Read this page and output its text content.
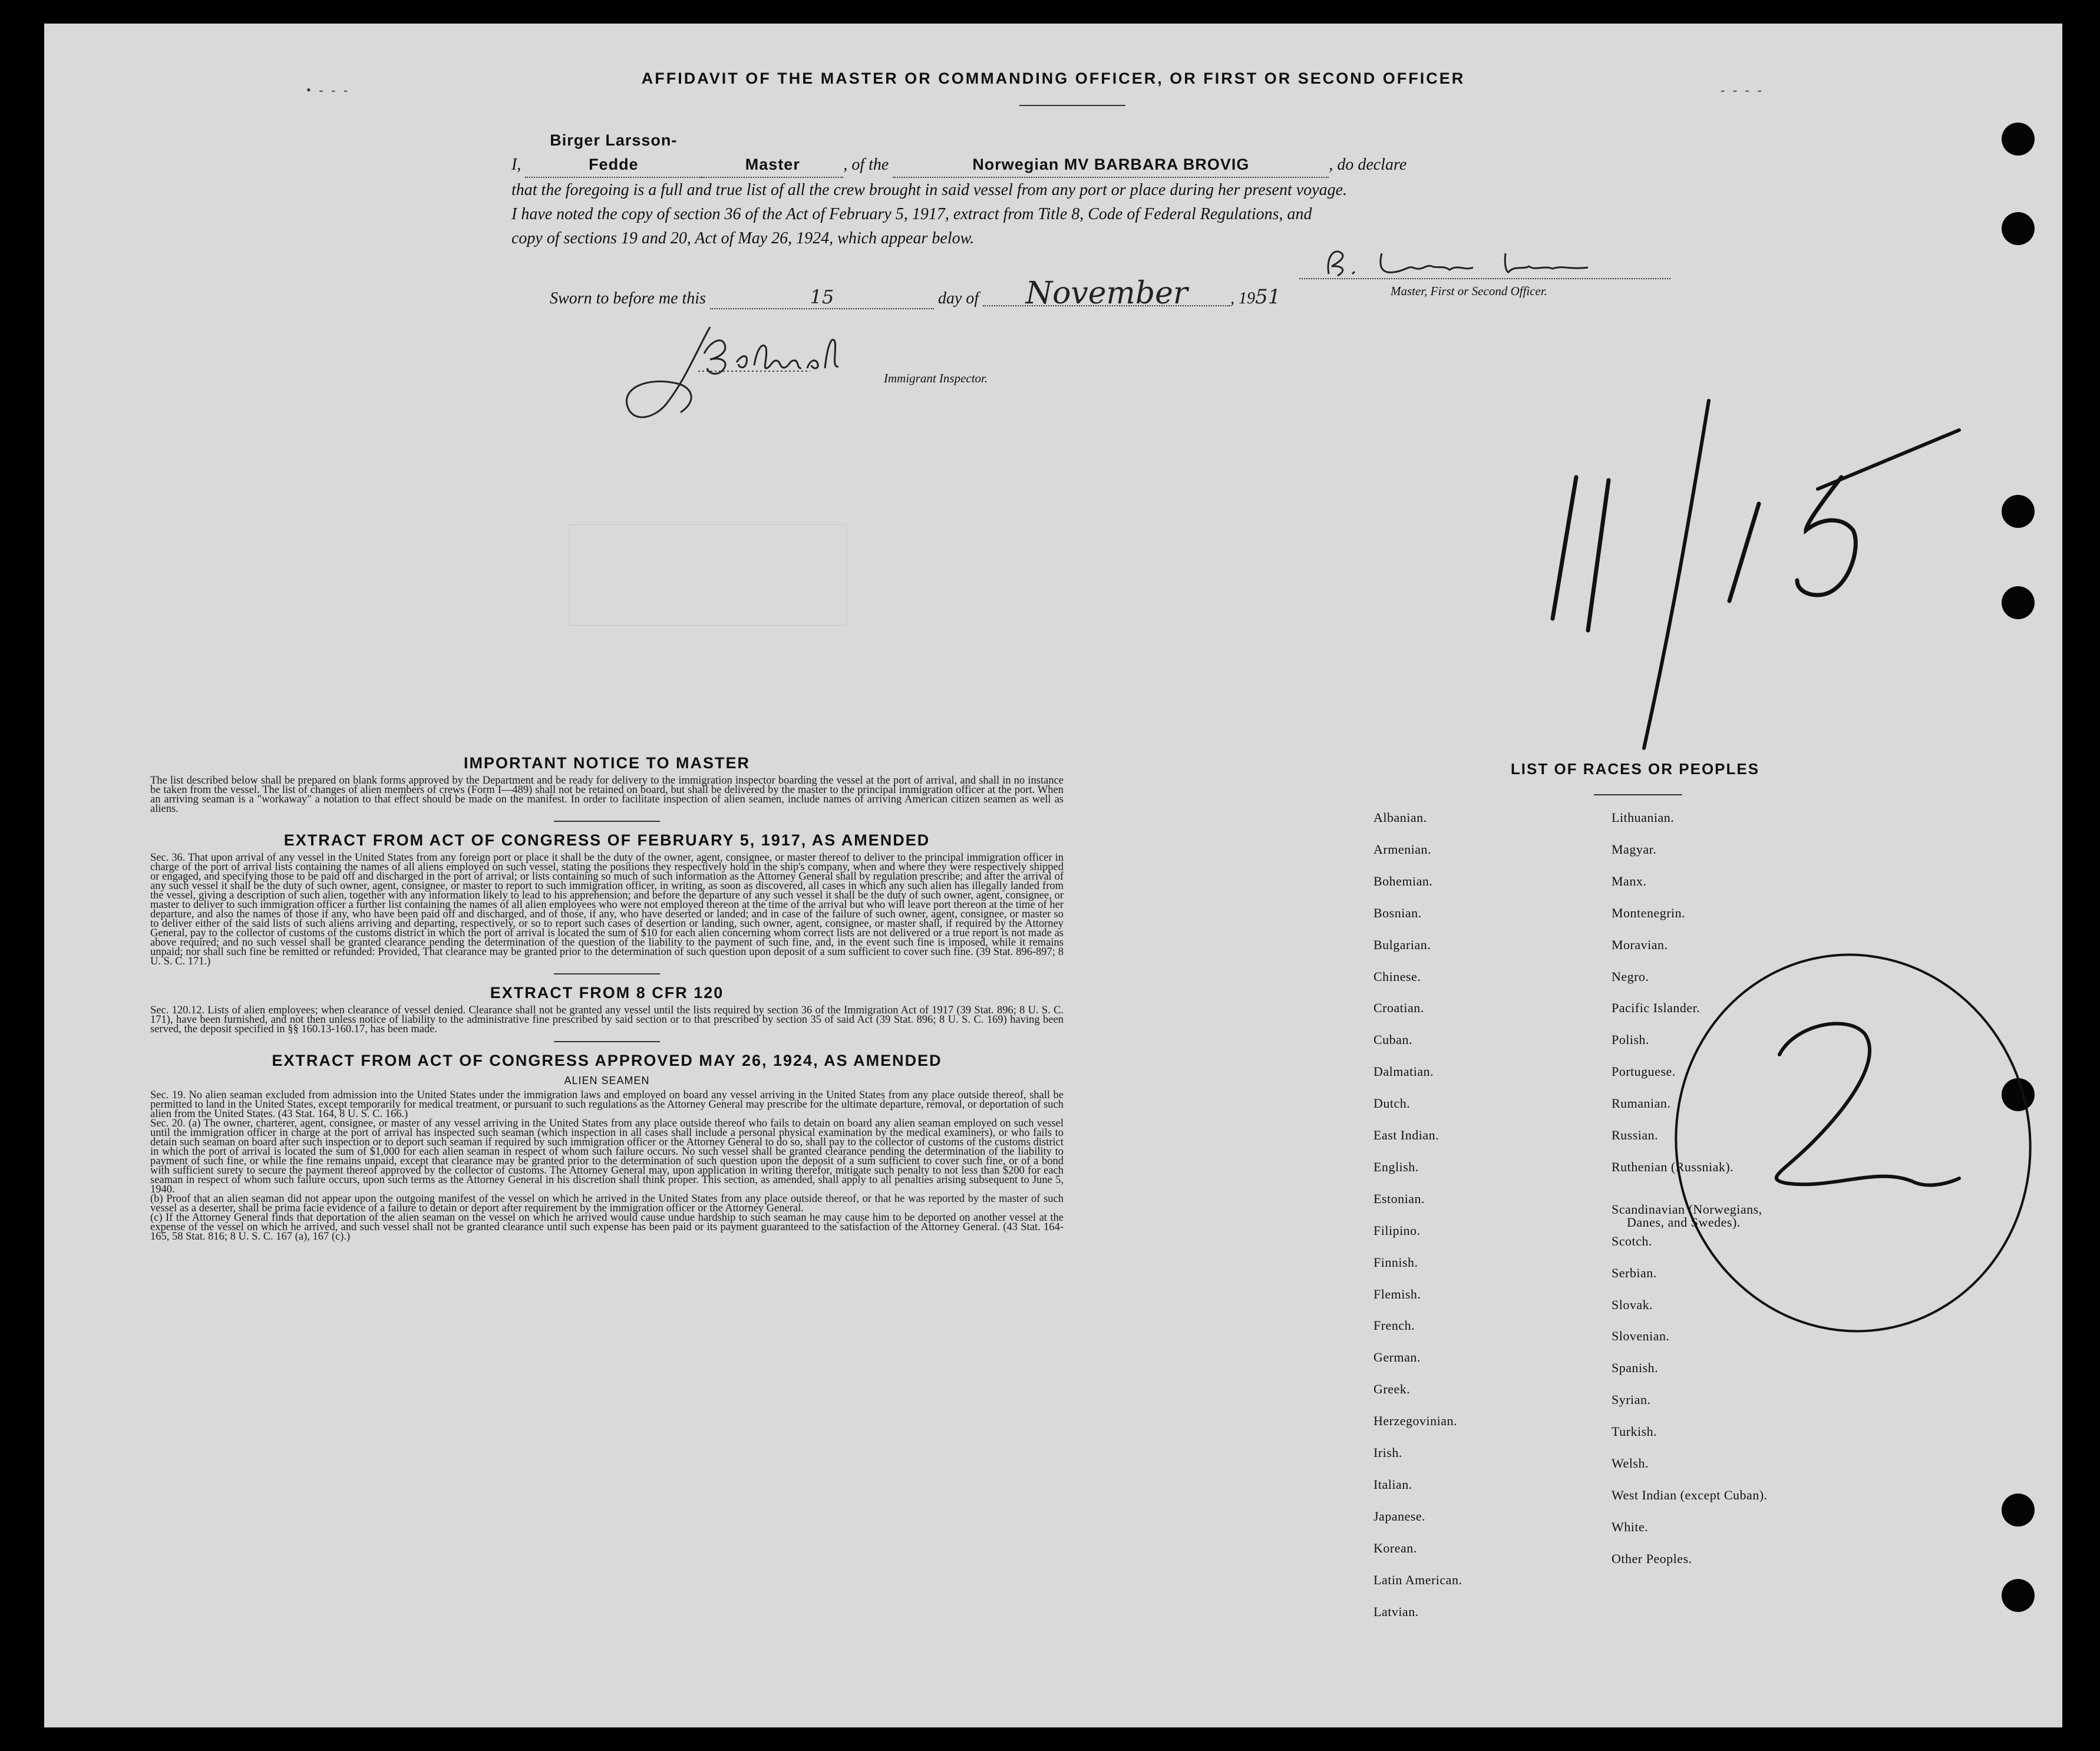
• - - -	- - - -
AFFIDAVIT OF THE MASTER OR COMMANDING OFFICER, OR FIRST OR SECOND OFFICER
I, Birger Larsson-Fedde	Master	, of the	Norwegian MV BARBARA BROVIG	, do declare
that the foregoing is a full and true list of all the crew brought in said vessel from any port or place during her present voyage.
I have noted the copy of section 36 of the Act of February 5, 1917, extract from Title 8, Code of Federal Regulations, and
copy of sections 19 and 20, Act of May 26, 1924, which appear below.
Master, First or Second Officer.
Sworn to before me this	15	day of November	, 1951
Immigrant Inspector.

IMPORTANT NOTICE TO MASTER

The list described below shall be prepared on blank forms approved by the Department and be ready for delivery to the immigration inspector boarding the vessel at the port of arrival, and shall in no instance be taken from the vessel. The list of changes of alien members of crews (Form I—489) shall not be retained on board, but shall be delivered by the master to the principal immigration officer at the port. When an arriving seaman is a "workaway" a notation to that effect should be made on the manifest. In order to facilitate inspection of alien seamen, include names of arriving American citizen seamen as well as aliens.

EXTRACT FROM ACT OF CONGRESS OF FEBRUARY 5, 1917, AS AMENDED

Sec. 36. That upon arrival of any vessel in the United States from any foreign port or place it shall be the duty of the owner, agent, consignee, or master thereof to deliver to the principal immigration officer in charge of the port of arrival lists containing the names of all aliens employed on such vessel, stating the positions they respectively hold in the ship's company, when and where they were respectively shipped or engaged, and specifying those to be paid off and discharged in the port of arrival; or lists containing so much of such information as the Attorney General shall by regulation prescribe; and after the arrival of any such vessel it shall be the duty of such owner, agent, consignee, or master to report to such immigration officer, in writing, as soon as discovered, all cases in which any such alien has illegally landed from the vessel, giving a description of such alien, together with any information likely to lead to his apprehension; and before the departure of any such vessel it shall be the duty of such owner, agent, consignee, or master to deliver to such immigration officer a further list containing the names of all alien employees who were not employed thereon at the time of the arrival but who will leave port thereon at the time of her departure, and also the names of those if any, who have been paid off and discharged, and of those, if any, who have deserted or landed; and in case of the failure of such owner, agent, consignee, or master so to deliver either of the said lists of such aliens arriving and departing, respectively, or so to report such cases of desertion or landing, such owner, agent, consignee, or master shall, if required by the Attorney General, pay to the collector of customs of the customs district in which the port of arrival is located the sum of $10 for each alien concerning whom correct lists are not delivered or a true report is not made as above required; and no such vessel shall be granted clearance pending the determination of the question of the liability to the payment of such fine, and, in the event such fine is imposed, while it remains unpaid; nor shall such fine be remitted or refunded: Provided, That clearance may be granted prior to the determination of such question upon deposit of a sum sufficient to cover such fine. (39 Stat. 896-897; 8 U. S. C. 171.)

EXTRACT FROM 8 CFR 120

Sec. 120.12. Lists of alien employees; when clearance of vessel denied. Clearance shall not be granted any vessel until the lists required by section 36 of the Immigration Act of 1917 (39 Stat. 896; 8 U. S. C. 171), have been furnished, and not then unless notice of liability to the administrative fine prescribed by said section or to that prescribed by section 35 of said Act (39 Stat. 896; 8 U. S. C. 169) having been served, the deposit specified in §§ 160.13-160.17, has been made.

EXTRACT FROM ACT OF CONGRESS APPROVED MAY 26, 1924, AS AMENDED

ALIEN SEAMEN

Sec. 19. No alien seaman excluded from admission into the United States under the immigration laws and employed on board any vessel arriving in the United States from any place outside thereof, shall be permitted to land in the United States, except temporarily for medical treatment, or pursuant to such regulations as the Attorney General may prescribe for the ultimate departure, removal, or deportation of such alien from the United States. (43 Stat. 164, 8 U. S. C. 166.)

Sec. 20. (a) The owner, charterer, agent, consignee, or master of any vessel arriving in the United States from any place outside thereof who fails to detain on board any alien seaman employed on such vessel until the immigration officer in charge at the port of arrival has inspected such seaman (which inspection in all cases shall include a personal physical examination by the medical examiners), or who fails to detain such seaman on board after such inspection or to deport such seaman if required by such immigration officer or the Attorney General to do so, shall pay to the collector of customs of the customs district in which the port of arrival is located the sum of $1,000 for each alien seaman in respect of whom such failure occurs. No such vessel shall be granted clearance pending the determination of the liability to payment of such fine, or while the fine remains unpaid, except that clearance may be granted prior to the determination of such question upon the deposit of a sum sufficient to cover such fine, or of a bond with sufficient surety to secure the payment thereof approved by the collector of customs. The Attorney General may, upon application in writing therefor, mitigate such penalty to not less than $200 for each seaman in respect of whom such failure occurs, upon such terms as the Attorney General in his discretion shall think proper. This section, as amended, shall apply to all penalties arising subsequent to June 5, 1940.

(b) Proof that an alien seaman did not appear upon the outgoing manifest of the vessel on which he arrived in the United States from any place outside thereof, or that he was reported by the master of such vessel as a deserter, shall be prima facie evidence of a failure to detain or deport after requirement by the immigration officer or the Attorney General.

(c) If the Attorney General finds that deportation of the alien seaman on the vessel on which he arrived would cause undue hardship to such seaman he may cause him to be deported on another vessel at the expense of the vessel on which he arrived, and such vessel shall not be granted clearance until such expense has been paid or its payment guaranteed to the satisfaction of the Attorney General. (43 Stat. 164-165, 58 Stat. 816; 8 U. S. C. 167 (a), 167 (c).)

LIST OF RACES OR PEOPLES
Albanian.
Armenian.
Bohemian.
Bosnian.
Bulgarian.
Chinese.
Croatian.
Cuban.
Dalmatian.
Dutch.
East Indian.
English.
Estonian.
Filipino.
Finnish.
Flemish.
French.
German.
Greek.
Herzegovinian.
Irish.
Italian.
Japanese.
Korean.
Latin American.
Latvian.
Lithuanian.
Magyar.
Manx.
Montenegrin.
Moravian.
Negro.
Pacific Islander.
Polish.
Portuguese.
Rumanian.
Russian.
Ruthenian (Russniak).
Scandinavian (Norwegians,
Danes, and Swedes).
Scotch.
Serbian.
Slovak.
Slovenian.
Spanish.
Syrian.
Turkish.
Welsh.
West Indian (except Cuban).
White.
Other Peoples.
